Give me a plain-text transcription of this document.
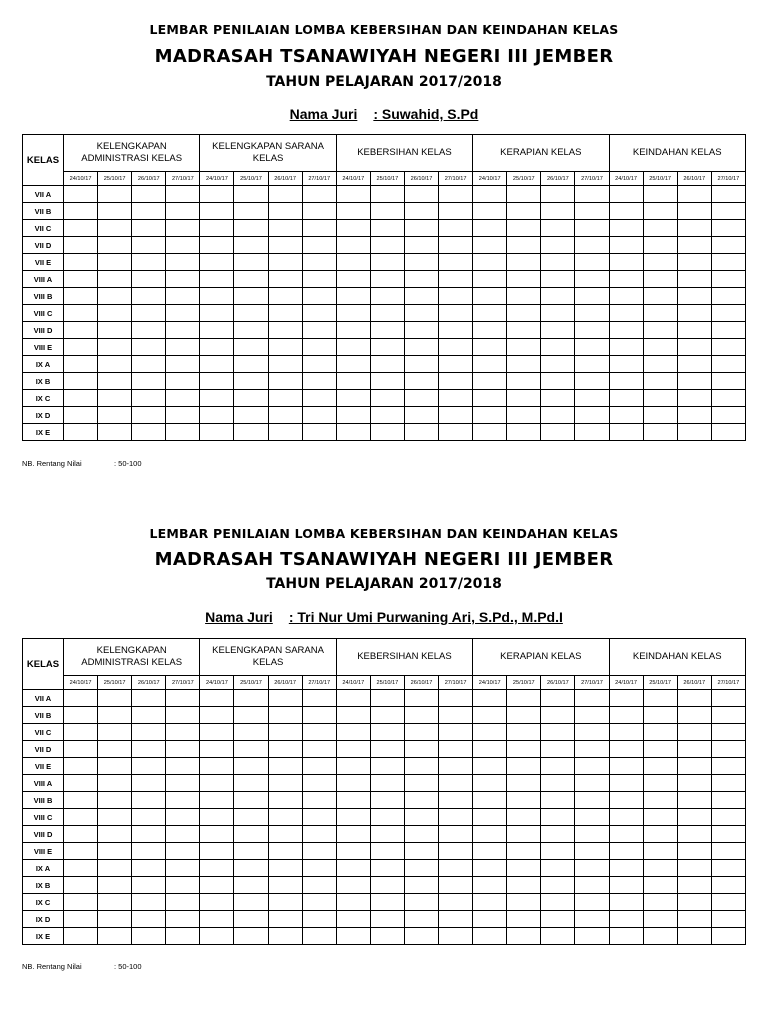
LEMBAR PENILAIAN LOMBA KEBERSIHAN DAN KEINDAHAN KELAS
MADRASAH TSANAWIYAH NEGERI III JEMBER
TAHUN PELAJARAN 2017/2018
Nama Juri : Suwahid, S.Pd
KELAS	KELENGKAPAN ADMINISTRASI KELAS				KELENGKAPAN SARANA KELAS				KEBERSIHAN KELAS				KERAPIAN KELAS				KEINDAHAN KELAS			
	24/10/17	25/10/17	26/10/17	27/10/17	24/10/17	25/10/17	26/10/17	27/10/17	24/10/17	25/10/17	26/10/17	27/10/17	24/10/17	25/10/17	26/10/17	27/10/17	24/10/17	25/10/17	26/10/17	27/10/17
VII A																				
VII B																				
VII C																				
VII D																				
VII E																				
VIII A																				
VIII B																				
VIII C																				
VIII D																				
VIII E																				
IX A																				
IX B																				
IX C																				
IX D																				
IX E																				
NB. Rentang Nilai	: 50-100
LEMBAR PENILAIAN LOMBA KEBERSIHAN DAN KEINDAHAN KELAS
MADRASAH TSANAWIYAH NEGERI III JEMBER
TAHUN PELAJARAN 2017/2018
Nama Juri : Tri Nur Umi Purwaning Ari, S.Pd., M.Pd.I
KELAS	KELENGKAPAN ADMINISTRASI KELAS				KELENGKAPAN SARANA KELAS				KEBERSIHAN KELAS				KERAPIAN KELAS				KEINDAHAN KELAS			
	24/10/17	25/10/17	26/10/17	27/10/17	24/10/17	25/10/17	26/10/17	27/10/17	24/10/17	25/10/17	26/10/17	27/10/17	24/10/17	25/10/17	26/10/17	27/10/17	24/10/17	25/10/17	26/10/17	27/10/17
VII A																				
VII B																				
VII C																				
VII D																				
VII E																				
VIII A																				
VIII B																				
VIII C																				
VIII D																				
VIII E																				
IX A																				
IX B																				
IX C																				
IX D																				
IX E																				
NB. Rentang Nilai	: 50-100
